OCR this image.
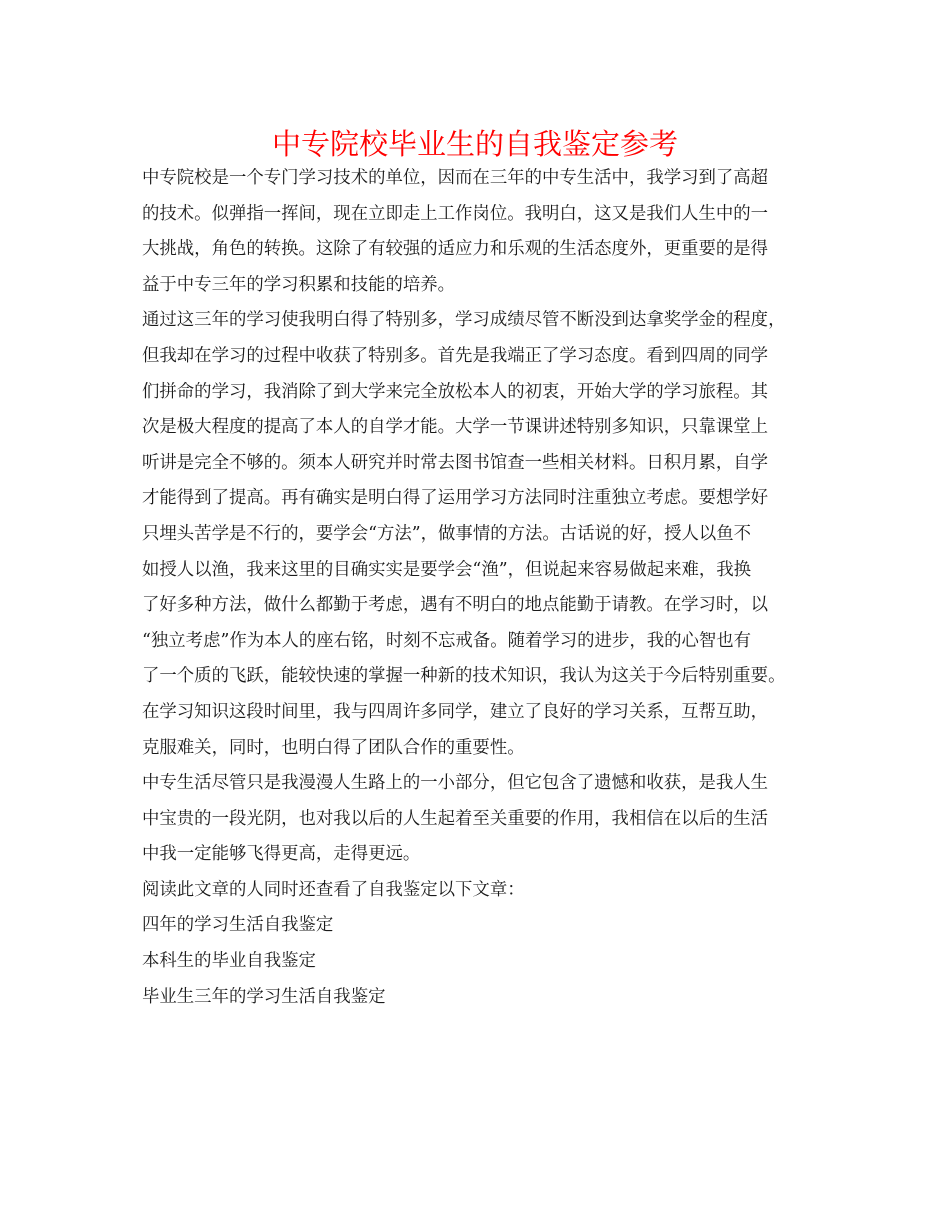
中专院校毕业生的自我鉴定参考
中专院校是一个专门学习技术的单位，因而在三年的中专生活中，我学习到了高超
的技术。似弹指一挥间，现在立即走上工作岗位。我明白，这又是我们人生中的一
大挑战，角色的转换。这除了有较强的适应力和乐观的生活态度外，更重要的是得
益于中专三年的学习积累和技能的培养。
通过这三年的学习使我明白得了特别多，学习成绩尽管不断没到达拿奖学金的程度，
但我却在学习的过程中收获了特别多。首先是我端正了学习态度。看到四周的同学
们拼命的学习，我消除了到大学来完全放松本人的初衷，开始大学的学习旅程。其
次是极大程度的提高了本人的自学才能。大学一节课讲述特别多知识，只靠课堂上
听讲是完全不够的。须本人研究并时常去图书馆查一些相关材料。日积月累，自学
才能得到了提高。再有确实是明白得了运用学习方法同时注重独立考虑。要想学好
只埋头苦学是不行的，要学会“方法”，做事情的方法。古话说的好，授人以鱼不
如授人以渔，我来这里的目确实实是要学会“渔”，但说起来容易做起来难，我换
了好多种方法，做什么都勤于考虑，遇有不明白的地点能勤于请教。在学习时，以
“独立考虑”作为本人的座右铭，时刻不忘戒备。随着学习的进步，我的心智也有
了一个质的飞跃，能较快速的掌握一种新的技术知识，我认为这关于今后特别重要。
在学习知识这段时间里，我与四周许多同学，建立了良好的学习关系，互帮互助，
克服难关，同时，也明白得了团队合作的重要性。
中专生活尽管只是我漫漫人生路上的一小部分，但它包含了遗憾和收获，是我人生
中宝贵的一段光阴，也对我以后的人生起着至关重要的作用，我相信在以后的生活
中我一定能够飞得更高，走得更远。
阅读此文章的人同时还查看了自我鉴定以下文章：
四年的学习生活自我鉴定
本科生的毕业自我鉴定
毕业生三年的学习生活自我鉴定
